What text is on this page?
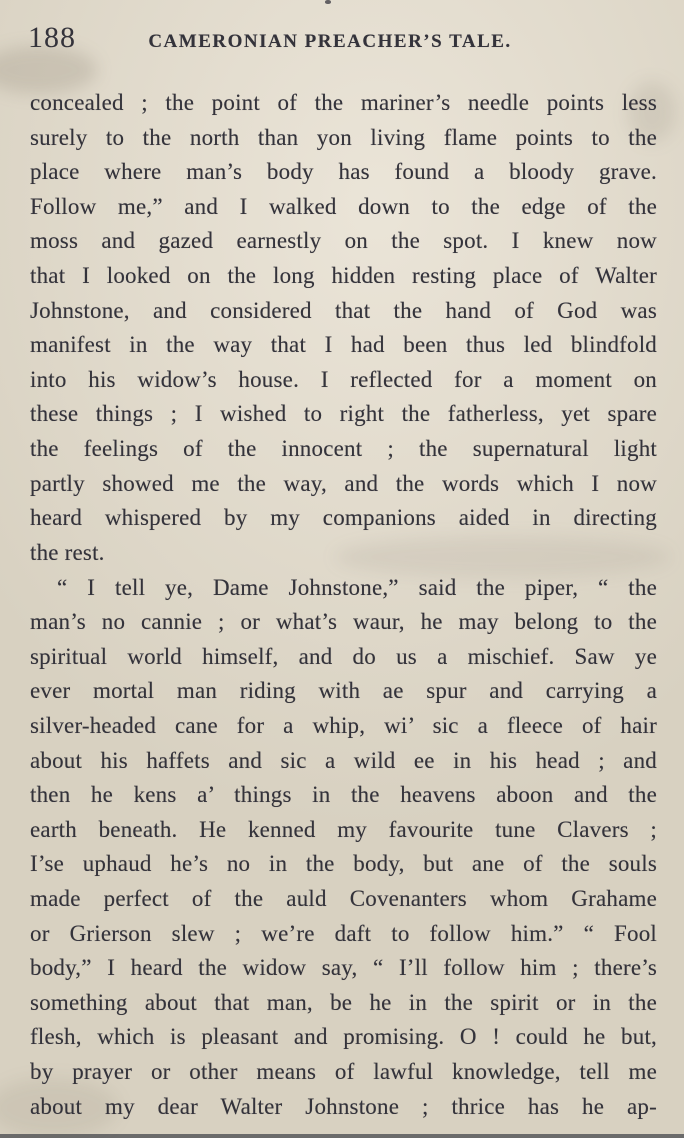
188	CAMERONIAN PREACHER’S TALE.
concealed ; the point of the mariner’s needle points less
surely to the north than yon living flame points to the
place where man’s body has found a bloody grave.
Follow me,” and I walked down to the edge of the
moss and gazed earnestly on the spot. I knew now
that I looked on the long hidden resting place of Walter
Johnstone, and considered that the hand of God was
manifest in the way that I had been thus led blindfold
into his widow’s house. I reflected for a moment on
these things ; I wished to right the fatherless, yet spare
the feelings of the innocent ; the supernatural light
partly showed me the way, and the words which I now
heard whispered by my companions aided in directing
the rest.
“ I tell ye, Dame Johnstone,” said the piper, “ the
man’s no cannie ; or what’s waur, he may belong to the
spiritual world himself, and do us a mischief. Saw ye
ever mortal man riding with ae spur and carrying a
silver-headed cane for a whip, wi’ sic a fleece of hair
about his haffets and sic a wild ee in his head ; and
then he kens a’ things in the heavens aboon and the
earth beneath. He kenned my favourite tune Clavers ;
I’se uphaud he’s no in the body, but ane of the souls
made perfect of the auld Covenanters whom Grahame
or Grierson slew ; we’re daft to follow him.” “ Fool
body,” I heard the widow say, “ I’ll follow him ; there’s
something about that man, be he in the spirit or in the
flesh, which is pleasant and promising. O ! could he but,
by prayer or other means of lawful knowledge, tell me
about my dear Walter Johnstone ; thrice has he ap-
